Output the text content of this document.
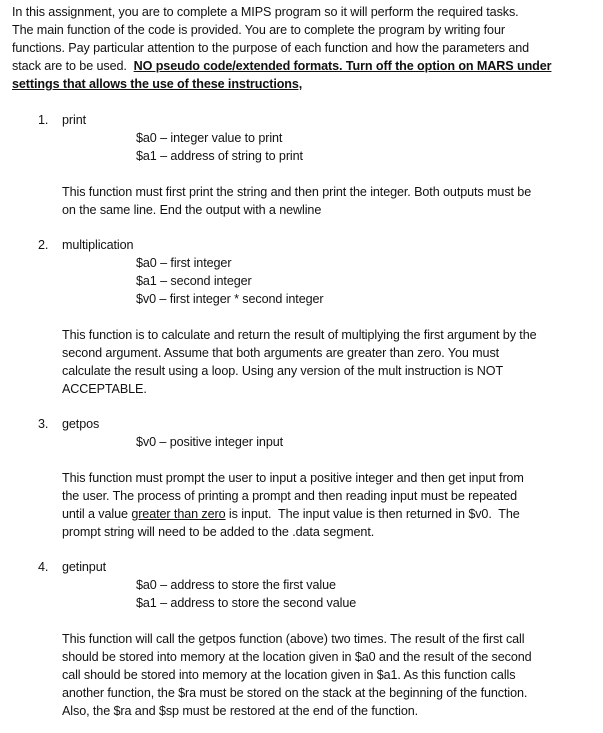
In this assignment, you are to complete a MIPS program so it will perform the required tasks.
The main function of the code is provided. You are to complete the program by writing four
functions. Pay particular attention to the purpose of each function and how the parameters and
stack are to be used.  NO pseudo code/extended formats. Turn off the option on MARS under
settings that allows the use of these instructions,
1. print
$a0 – integer value to print
$a1 – address of string to print
This function must first print the string and then print the integer. Both outputs must be
on the same line. End the output with a newline
2. multiplication
$a0 – first integer
$a1 – second integer
$v0 – first integer * second integer
This function is to calculate and return the result of multiplying the first argument by the
second argument. Assume that both arguments are greater than zero. You must
calculate the result using a loop. Using any version of the mult instruction is NOT
ACCEPTABLE.
3. getpos
$v0 – positive integer input
This function must prompt the user to input a positive integer and then get input from
the user. The process of printing a prompt and then reading input must be repeated
until a value greater than zero is input.  The input value is then returned in $v0.  The
prompt string will need to be added to the .data segment.
4. getinput
$a0 – address to store the first value
$a1 – address to store the second value
This function will call the getpos function (above) two times. The result of the first call
should be stored into memory at the location given in $a0 and the result of the second
call should be stored into memory at the location given in $a1. As this function calls
another function, the $ra must be stored on the stack at the beginning of the function.
Also, the $ra and $sp must be restored at the end of the function.
